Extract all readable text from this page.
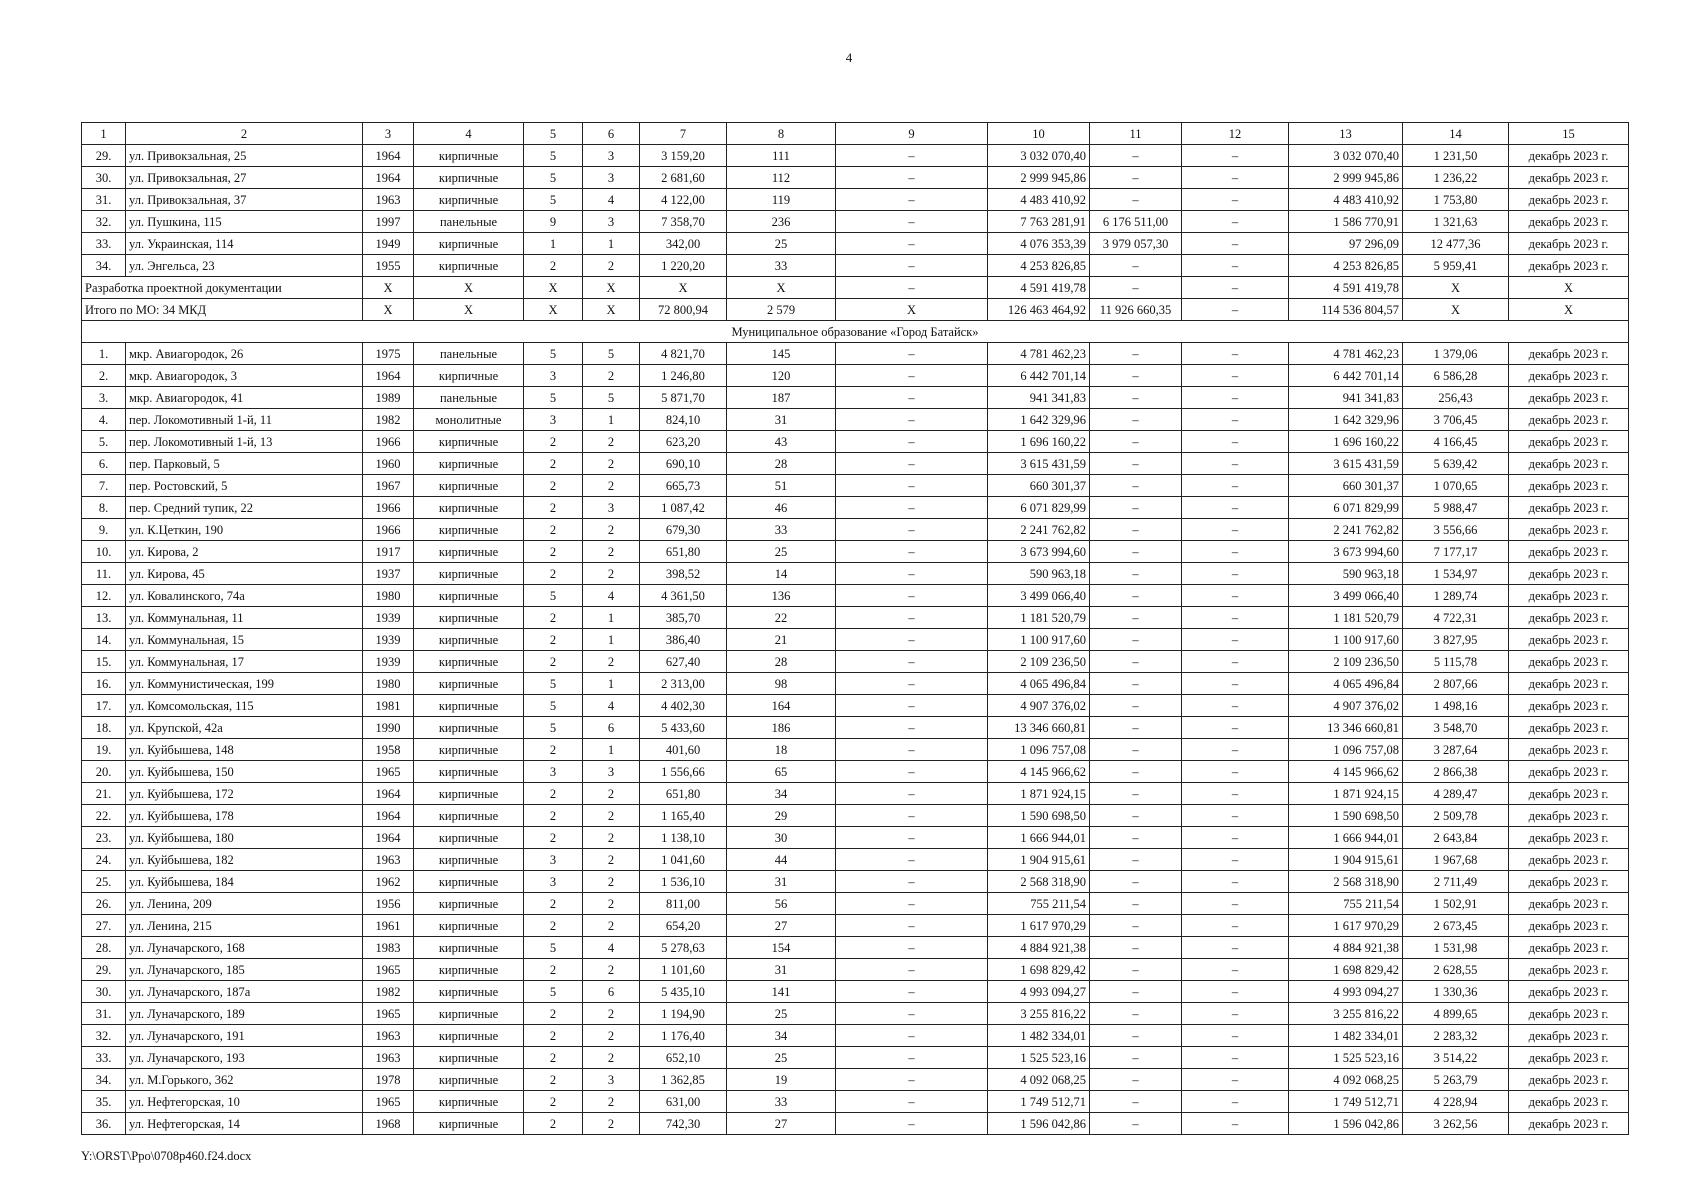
4
1	2	3	4	5	6	7	8	9	10	11	12	13	14	15
29.	ул. Привокзальная, 25	1964	кирпичные	5	3	3 159,20	111	–	3 032 070,40	–	–	3 032 070,40	1 231,50	декабрь 2023 г.
30.	ул. Привокзальная, 27	1964	кирпичные	5	3	2 681,60	112	–	2 999 945,86	–	–	2 999 945,86	1 236,22	декабрь 2023 г.
31.	ул. Привокзальная, 37	1963	кирпичные	5	4	4 122,00	119	–	4 483 410,92	–	–	4 483 410,92	1 753,80	декабрь 2023 г.
32.	ул. Пушкина, 115	1997	панельные	9	3	7 358,70	236	–	7 763 281,91	6 176 511,00	–	1 586 770,91	1 321,63	декабрь 2023 г.
33.	ул. Украинская, 114	1949	кирпичные	1	1	342,00	25	–	4 076 353,39	3 979 057,30	–	97 296,09	12 477,36	декабрь 2023 г.
34.	ул. Энгельса, 23	1955	кирпичные	2	2	1 220,20	33	–	4 253 826,85	–	–	4 253 826,85	5 959,41	декабрь 2023 г.
Разработка проектной документации		X	X	X	X	X	X	–	4 591 419,78	–	–	4 591 419,78	X	X
Итого по МО: 34 МКД		X	X	X	X	72 800,94	2 579	X	126 463 464,92	11 926 660,35	–	114 536 804,57	X	X
Муниципальное образование «Город Батайск»														
1.	мкр. Авиагородок, 26	1975	панельные	5	5	4 821,70	145	–	4 781 462,23	–	–	4 781 462,23	1 379,06	декабрь 2023 г.
2.	мкр. Авиагородок, 3	1964	кирпичные	3	2	1 246,80	120	–	6 442 701,14	–	–	6 442 701,14	6 586,28	декабрь 2023 г.
3.	мкр. Авиагородок, 41	1989	панельные	5	5	5 871,70	187	–	941 341,83	–	–	941 341,83	256,43	декабрь 2023 г.
4.	пер. Локомотивный 1-й, 11	1982	монолитные	3	1	824,10	31	–	1 642 329,96	–	–	1 642 329,96	3 706,45	декабрь 2023 г.
5.	пер. Локомотивный 1-й, 13	1966	кирпичные	2	2	623,20	43	–	1 696 160,22	–	–	1 696 160,22	4 166,45	декабрь 2023 г.
6.	пер. Парковый, 5	1960	кирпичные	2	2	690,10	28	–	3 615 431,59	–	–	3 615 431,59	5 639,42	декабрь 2023 г.
7.	пер. Ростовский, 5	1967	кирпичные	2	2	665,73	51	–	660 301,37	–	–	660 301,37	1 070,65	декабрь 2023 г.
8.	пер. Средний тупик, 22	1966	кирпичные	2	3	1 087,42	46	–	6 071 829,99	–	–	6 071 829,99	5 988,47	декабрь 2023 г.
9.	ул. К.Цеткин, 190	1966	кирпичные	2	2	679,30	33	–	2 241 762,82	–	–	2 241 762,82	3 556,66	декабрь 2023 г.
10.	ул. Кирова, 2	1917	кирпичные	2	2	651,80	25	–	3 673 994,60	–	–	3 673 994,60	7 177,17	декабрь 2023 г.
11.	ул. Кирова, 45	1937	кирпичные	2	2	398,52	14	–	590 963,18	–	–	590 963,18	1 534,97	декабрь 2023 г.
12.	ул. Ковалинского, 74а	1980	кирпичные	5	4	4 361,50	136	–	3 499 066,40	–	–	3 499 066,40	1 289,74	декабрь 2023 г.
13.	ул. Коммунальная, 11	1939	кирпичные	2	1	385,70	22	–	1 181 520,79	–	–	1 181 520,79	4 722,31	декабрь 2023 г.
14.	ул. Коммунальная, 15	1939	кирпичные	2	1	386,40	21	–	1 100 917,60	–	–	1 100 917,60	3 827,95	декабрь 2023 г.
15.	ул. Коммунальная, 17	1939	кирпичные	2	2	627,40	28	–	2 109 236,50	–	–	2 109 236,50	5 115,78	декабрь 2023 г.
16.	ул. Коммунистическая, 199	1980	кирпичные	5	1	2 313,00	98	–	4 065 496,84	–	–	4 065 496,84	2 807,66	декабрь 2023 г.
17.	ул. Комсомольская, 115	1981	кирпичные	5	4	4 402,30	164	–	4 907 376,02	–	–	4 907 376,02	1 498,16	декабрь 2023 г.
18.	ул. Крупской, 42а	1990	кирпичные	5	6	5 433,60	186	–	13 346 660,81	–	–	13 346 660,81	3 548,70	декабрь 2023 г.
19.	ул. Куйбышева, 148	1958	кирпичные	2	1	401,60	18	–	1 096 757,08	–	–	1 096 757,08	3 287,64	декабрь 2023 г.
20.	ул. Куйбышева, 150	1965	кирпичные	3	3	1 556,66	65	–	4 145 966,62	–	–	4 145 966,62	2 866,38	декабрь 2023 г.
21.	ул. Куйбышева, 172	1964	кирпичные	2	2	651,80	34	–	1 871 924,15	–	–	1 871 924,15	4 289,47	декабрь 2023 г.
22.	ул. Куйбышева, 178	1964	кирпичные	2	2	1 165,40	29	–	1 590 698,50	–	–	1 590 698,50	2 509,78	декабрь 2023 г.
23.	ул. Куйбышева, 180	1964	кирпичные	2	2	1 138,10	30	–	1 666 944,01	–	–	1 666 944,01	2 643,84	декабрь 2023 г.
24.	ул. Куйбышева, 182	1963	кирпичные	3	2	1 041,60	44	–	1 904 915,61	–	–	1 904 915,61	1 967,68	декабрь 2023 г.
25.	ул. Куйбышева, 184	1962	кирпичные	3	2	1 536,10	31	–	2 568 318,90	–	–	2 568 318,90	2 711,49	декабрь 2023 г.
26.	ул. Ленина, 209	1956	кирпичные	2	2	811,00	56	–	755 211,54	–	–	755 211,54	1 502,91	декабрь 2023 г.
27.	ул. Ленина, 215	1961	кирпичные	2	2	654,20	27	–	1 617 970,29	–	–	1 617 970,29	2 673,45	декабрь 2023 г.
28.	ул. Луначарского, 168	1983	кирпичные	5	4	5 278,63	154	–	4 884 921,38	–	–	4 884 921,38	1 531,98	декабрь 2023 г.
29.	ул. Луначарского, 185	1965	кирпичные	2	2	1 101,60	31	–	1 698 829,42	–	–	1 698 829,42	2 628,55	декабрь 2023 г.
30.	ул. Луначарского, 187а	1982	кирпичные	5	6	5 435,10	141	–	4 993 094,27	–	–	4 993 094,27	1 330,36	декабрь 2023 г.
31.	ул. Луначарского, 189	1965	кирпичные	2	2	1 194,90	25	–	3 255 816,22	–	–	3 255 816,22	4 899,65	декабрь 2023 г.
32.	ул. Луначарского, 191	1963	кирпичные	2	2	1 176,40	34	–	1 482 334,01	–	–	1 482 334,01	2 283,32	декабрь 2023 г.
33.	ул. Луначарского, 193	1963	кирпичные	2	2	652,10	25	–	1 525 523,16	–	–	1 525 523,16	3 514,22	декабрь 2023 г.
34.	ул. М.Горького, 362	1978	кирпичные	2	3	1 362,85	19	–	4 092 068,25	–	–	4 092 068,25	5 263,79	декабрь 2023 г.
35.	ул. Нефтегорская, 10	1965	кирпичные	2	2	631,00	33	–	1 749 512,71	–	–	1 749 512,71	4 228,94	декабрь 2023 г.
36.	ул. Нефтегорская, 14	1968	кирпичные	2	2	742,30	27	–	1 596 042,86	–	–	1 596 042,86	3 262,56	декабрь 2023 г.
Y:\ORST\Ppo\0708p460.f24.docx
